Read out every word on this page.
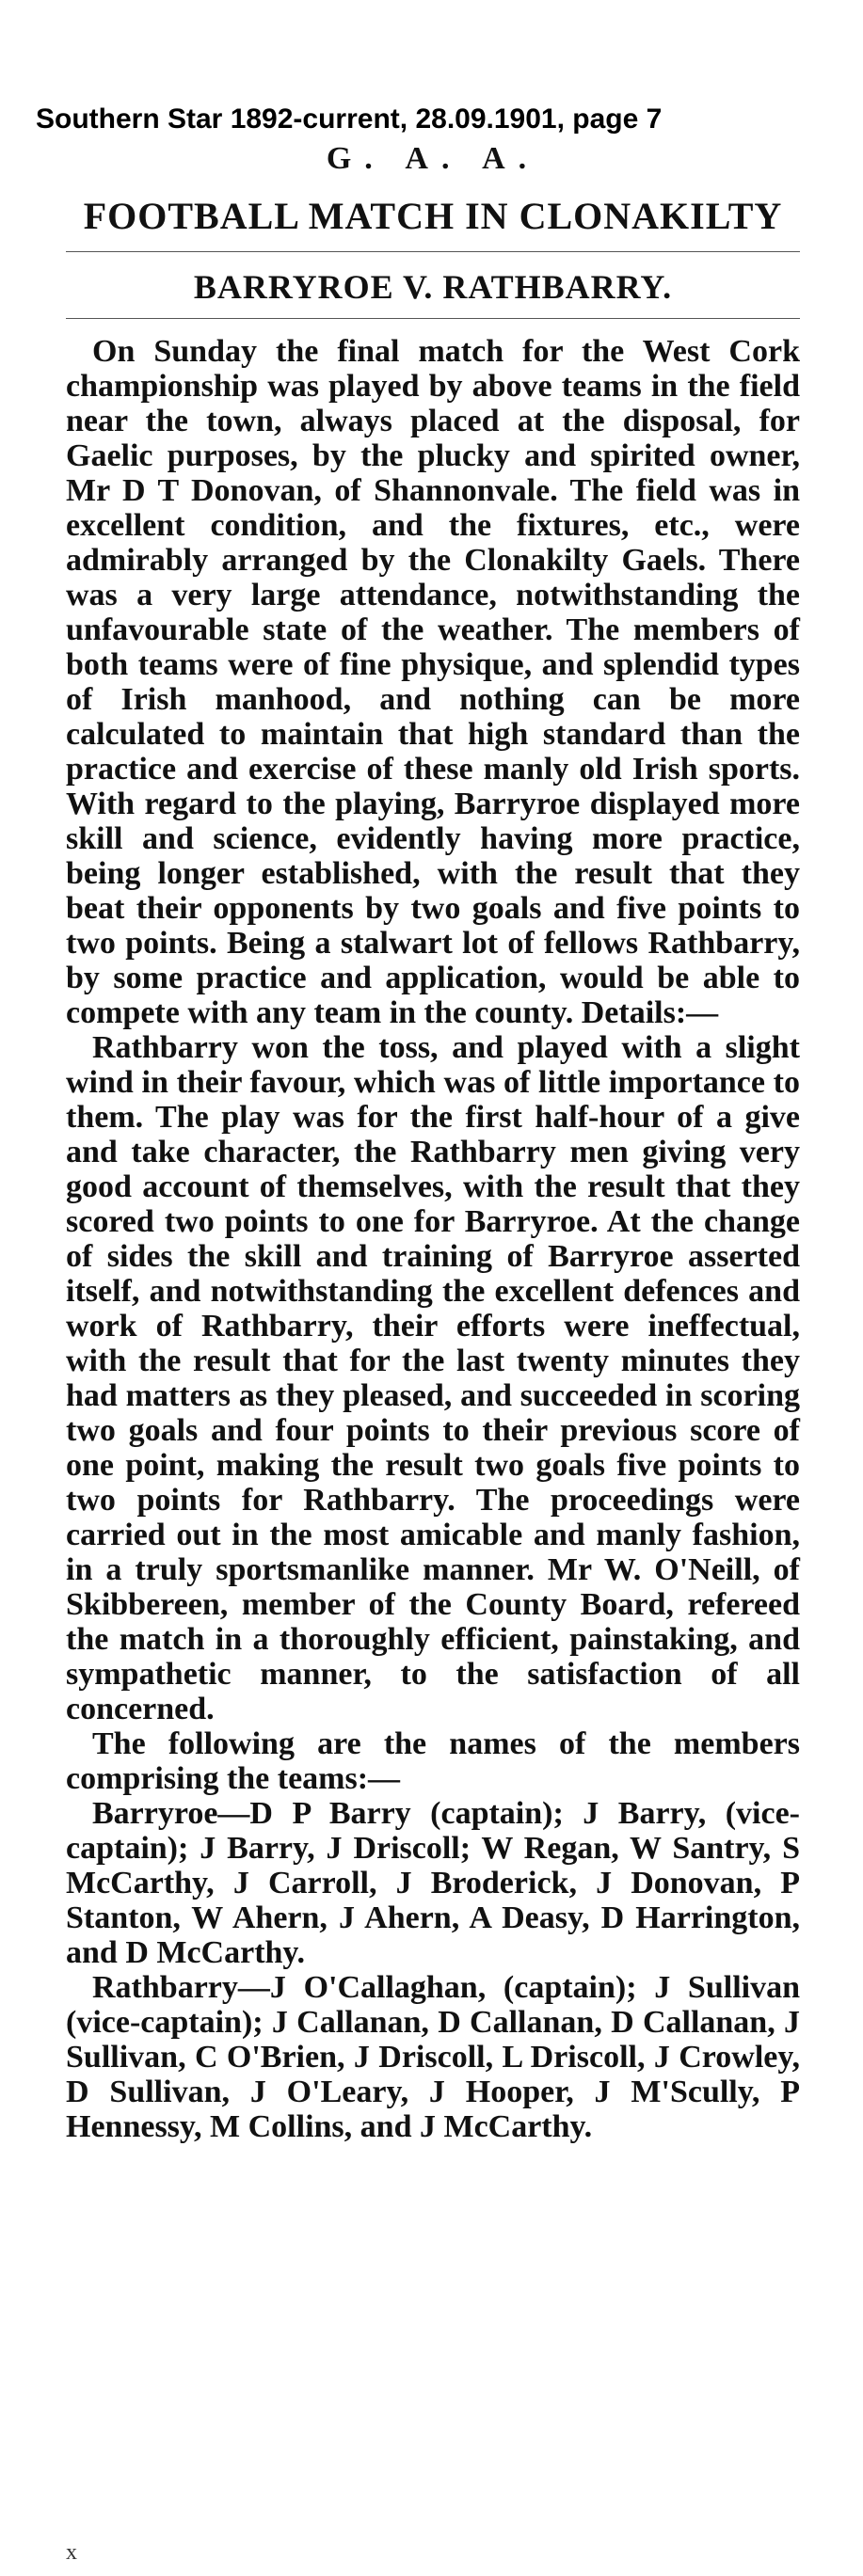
Southern Star 1892-current, 28.09.1901, page 7
G. A. A.
FOOTBALL MATCH IN CLONAKILTY
BARRYROE V. RATHBARRY.

On Sunday the final match for the West Cork championship was played by above teams in the field near the town, always placed at the disposal, for Gaelic purposes, by the plucky and spirited owner, Mr D T Donovan, of Shannonvale. The field was in excellent condition, and the fixtures, etc., were admirably arranged by the Clonakilty Gaels. There was a very large attendance, notwithstanding the unfavourable state of the weather. The members of both teams were of fine physique, and splendid types of Irish manhood, and nothing can be more calculated to maintain that high standard than the practice and exercise of these manly old Irish sports. With regard to the playing, Barryroe displayed more skill and science, evidently having more practice, being longer established, with the result that they beat their opponents by two goals and five points to two points. Being a stalwart lot of fellows Rathbarry, by some practice and application, would be able to compete with any team in the county. Details:—

Rathbarry won the toss, and played with a slight wind in their favour, which was of little importance to them. The play was for the first half-hour of a give and take character, the Rathbarry men giving very good account of themselves, with the result that they scored two points to one for Barryroe. At the change of sides the skill and training of Barryroe asserted itself, and notwithstanding the excellent defences and work of Rathbarry, their efforts were ineffectual, with the result that for the last twenty minutes they had matters as they pleased, and succeeded in scoring two goals and four points to their previous score of one point, making the result two goals five points to two points for Rathbarry. The proceedings were carried out in the most amicable and manly fashion, in a truly sportsmanlike manner. Mr W. O'Neill, of Skibbereen, member of the County Board, refereed the match in a thoroughly efficient, painstaking, and sympathetic manner, to the satisfaction of all concerned.

The following are the names of the members comprising the teams:—

Barryroe—D P Barry (captain); J Barry, (vice-captain); J Barry, J Driscoll; W Regan, W Santry, S McCarthy, J Carroll, J Broderick, J Donovan, P Stanton, W Ahern, J Ahern, A Deasy, D Harrington, and D McCarthy.

Rathbarry—J O'Callaghan, (captain); J Sullivan (vice-captain); J Callanan, D Callanan, D Callanan, J Sullivan, C O'Brien, J Driscoll, L Driscoll, J Crowley, D Sullivan, J O'Leary, J Hooper, J M'Scully, P Hennessy, M Collins, and J McCarthy.

x
